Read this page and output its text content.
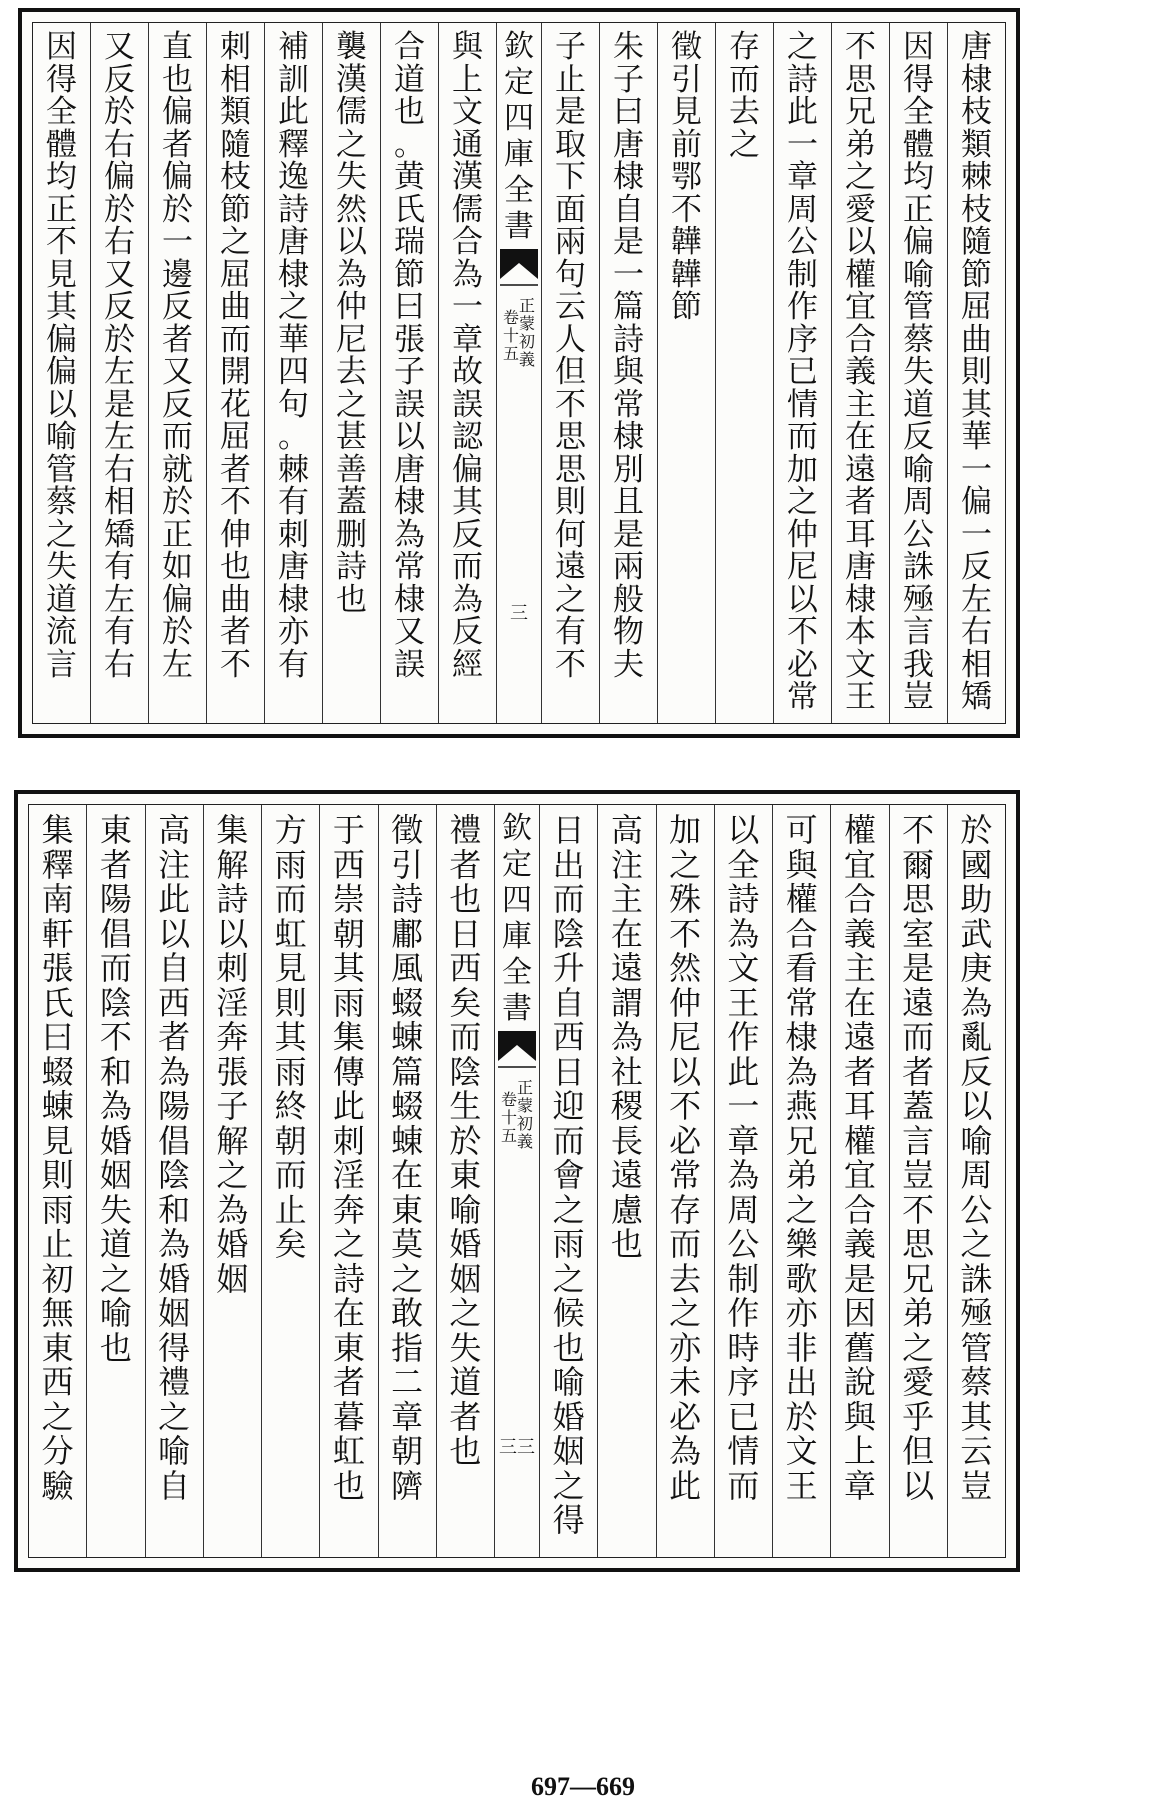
唐
棣
枝
類
棘
枝
隨
節
屈
曲
則
其
華
一
偏
一
反
左
右
相
矯
因
得
全
體
均
正
偏
喻
管
蔡
失
道
反
喻
周
公
誅
殛
言
我
豈
不
思
兄
弟
之
愛
以
權
宜
合
義
主
在
遠
者
耳
唐
棣
本
文
王
之
詩
此
一
章
周
公
制
作
序
已
情
而
加
之
仲
尼
以
不
必
常
存
而
去
之
徵
引
見
前
鄂
不
韡
韡
節
朱
子
曰
唐
棣
自
是
一
篇
詩
與
常
棣
別
且
是
兩
般
物
夫
子
止
是
取
下
面
兩
句
云
人
但
不
思
思
則
何
遠
之
有
不
欽
定
四
庫
全
書
正
蒙
初
義
卷
十
五
三
與
上
文
通
漢
儒
合
為
一
章
故
誤
認
偏
其
反
而
為
反
經
合
道
也
。
黄
氏
瑞
節
曰
張
子
誤
以
唐
棣
為
常
棣
又
誤
襲
漢
儒
之
失
然
以
為
仲
尼
去
之
甚
善
蓋
删
詩
也
補
訓
此
釋
逸
詩
唐
棣
之
華
四
句
。
棘
有
刺
唐
棣
亦
有
刺
相
類
隨
枝
節
之
屈
曲
而
開
花
屈
者
不
伸
也
曲
者
不
直
也
偏
者
偏
於
一
邊
反
者
又
反
而
就
於
正
如
偏
於
左
又
反
於
右
偏
於
右
又
反
於
左
是
左
右
相
矯
有
左
有
右
因
得
全
體
均
正
不
見
其
偏
偏
以
喻
管
蔡
之
失
道
流
言
於
國
助
武
庚
為
亂
反
以
喻
周
公
之
誅
殛
管
蔡
其
云
豈
不
爾
思
室
是
遠
而
者
蓋
言
豈
不
思
兄
弟
之
愛
乎
但
以
權
宜
合
義
主
在
遠
者
耳
權
宜
合
義
是
因
舊
說
與
上
章
可
與
權
合
看
常
棣
為
燕
兄
弟
之
樂
歌
亦
非
出
於
文
王
以
全
詩
為
文
王
作
此
一
章
為
周
公
制
作
時
序
已
情
而
加
之
殊
不
然
仲
尼
以
不
必
常
存
而
去
之
亦
未
必
為
此
高
注
主
在
遠
謂
為
社
稷
長
遠
慮
也
日
出
而
陰
升
自
西
日
迎
而
會
之
雨
之
候
也
喻
婚
姻
之
得
欽
定
四
庫
全
書
正
蒙
初
義
卷
十
五
三三
禮
者
也
日
西
矣
而
陰
生
於
東
喻
婚
姻
之
失
道
者
也
徵
引
詩
鄘
風
蝃
蝀
篇
蝃
蝀
在
東
莫
之
敢
指
二
章
朝
隮
于
西
崇
朝
其
雨
集
傳
此
刺
淫
奔
之
詩
在
東
者
暮
虹
也
方
雨
而
虹
見
則
其
雨
終
朝
而
止
矣
集
解
詩
以
刺
淫
奔
張
子
解
之
為
婚
姻
高
注
此
以
自
西
者
為
陽
倡
陰
和
為
婚
姻
得
禮
之
喻
自
東
者
陽
倡
而
陰
不
和
為
婚
姻
失
道
之
喻
也
集
釋
南
軒
張
氏
曰
蝃
蝀
見
則
雨
止
初
無
東
西
之
分
驗
697—669
